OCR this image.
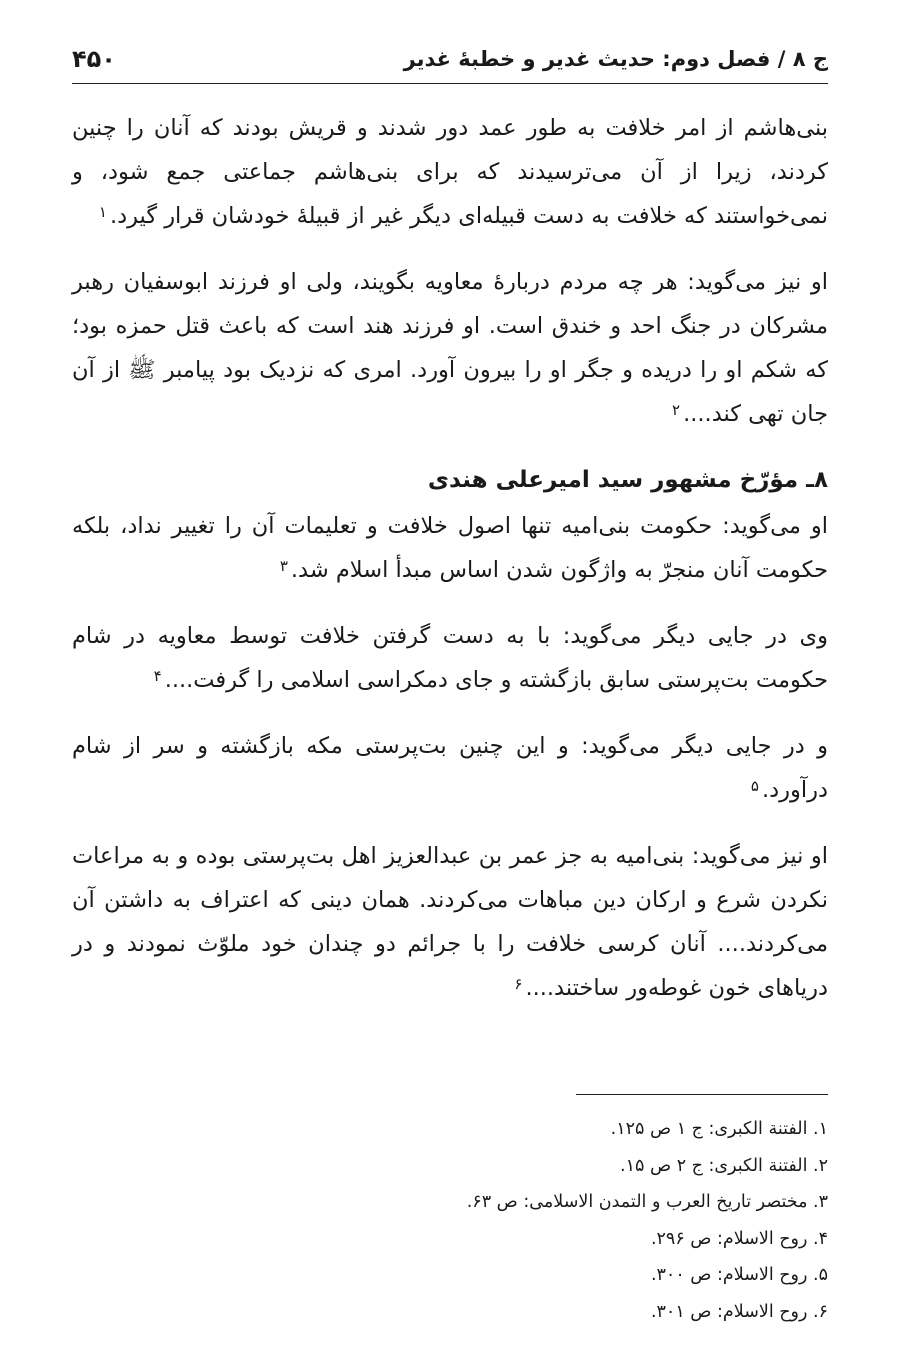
ج ۸ / فصل دوم: حدیث غدیر و خطبهٔ غدیر
۴۵۰

بنی‌هاشم از امر خلافت به طور عمد دور شدند و قریش بودند که آنان را چنین کردند، زیرا از آن می‌ترسیدند که برای بنی‌هاشم جماعتی جمع شود، و نمی‌خواستند که خلافت به دست قبیله‌ای دیگر غیر از قبیلهٔ خودشان قرار گیرد.$^۱$

او نیز می‌گوید: هر چه مردم دربارهٔ معاویه بگویند، ولی او فرزند ابوسفیان رهبر مشرکان در جنگ احد و خندق است. او فرزند هند است که باعث قتل حمزه بود؛ که شکم او را دریده و جگر او را بیرون آورد. امری که نزدیک بود پیامبر ﷺ از آن جان تهی کند....$^۲$

۸ـ مؤرّخ مشهور سید امیرعلی هندی

او می‌گوید: حکومت بنی‌امیه تنها اصول خلافت و تعلیمات آن را تغییر نداد، بلکه حکومت آنان منجرّ به واژگون شدن اساس مبدأ اسلام شد.$^۳$

وی در جایی دیگر می‌گوید: با به دست گرفتن خلافت توسط معاویه در شام حکومت بت‌پرستی سابق بازگشته و جای دمکراسی اسلامی را گرفت....$^۴$

و در جایی دیگر می‌گوید: و این چنین بت‌پرستی مکه بازگشته و سر از شام درآورد.$^۵$

او نیز می‌گوید: بنی‌امیه به جز عمر بن عبدالعزیز اهل بت‌پرستی بوده و به مراعات نکردن شرع و ارکان دین مباهات می‌کردند. همان دینی که اعتراف به داشتن آن می‌کردند.... آنان کرسی خلافت را با جرائم دو چندان خود ملوّث نمودند و در دریاهای خون غوطه‌ور ساختند....$^۶$

۱. الفتنة الکبری: ج ۱ ص ۱۲۵.
۲. الفتنة الکبری: ج ۲ ص ۱۵.
۳. مختصر تاریخ العرب و التمدن الاسلامی: ص ۶۳.
۴. روح الاسلام: ص ۲۹۶.
۵. روح الاسلام: ص ۳۰۰.
۶. روح الاسلام: ص ۳۰۱.
